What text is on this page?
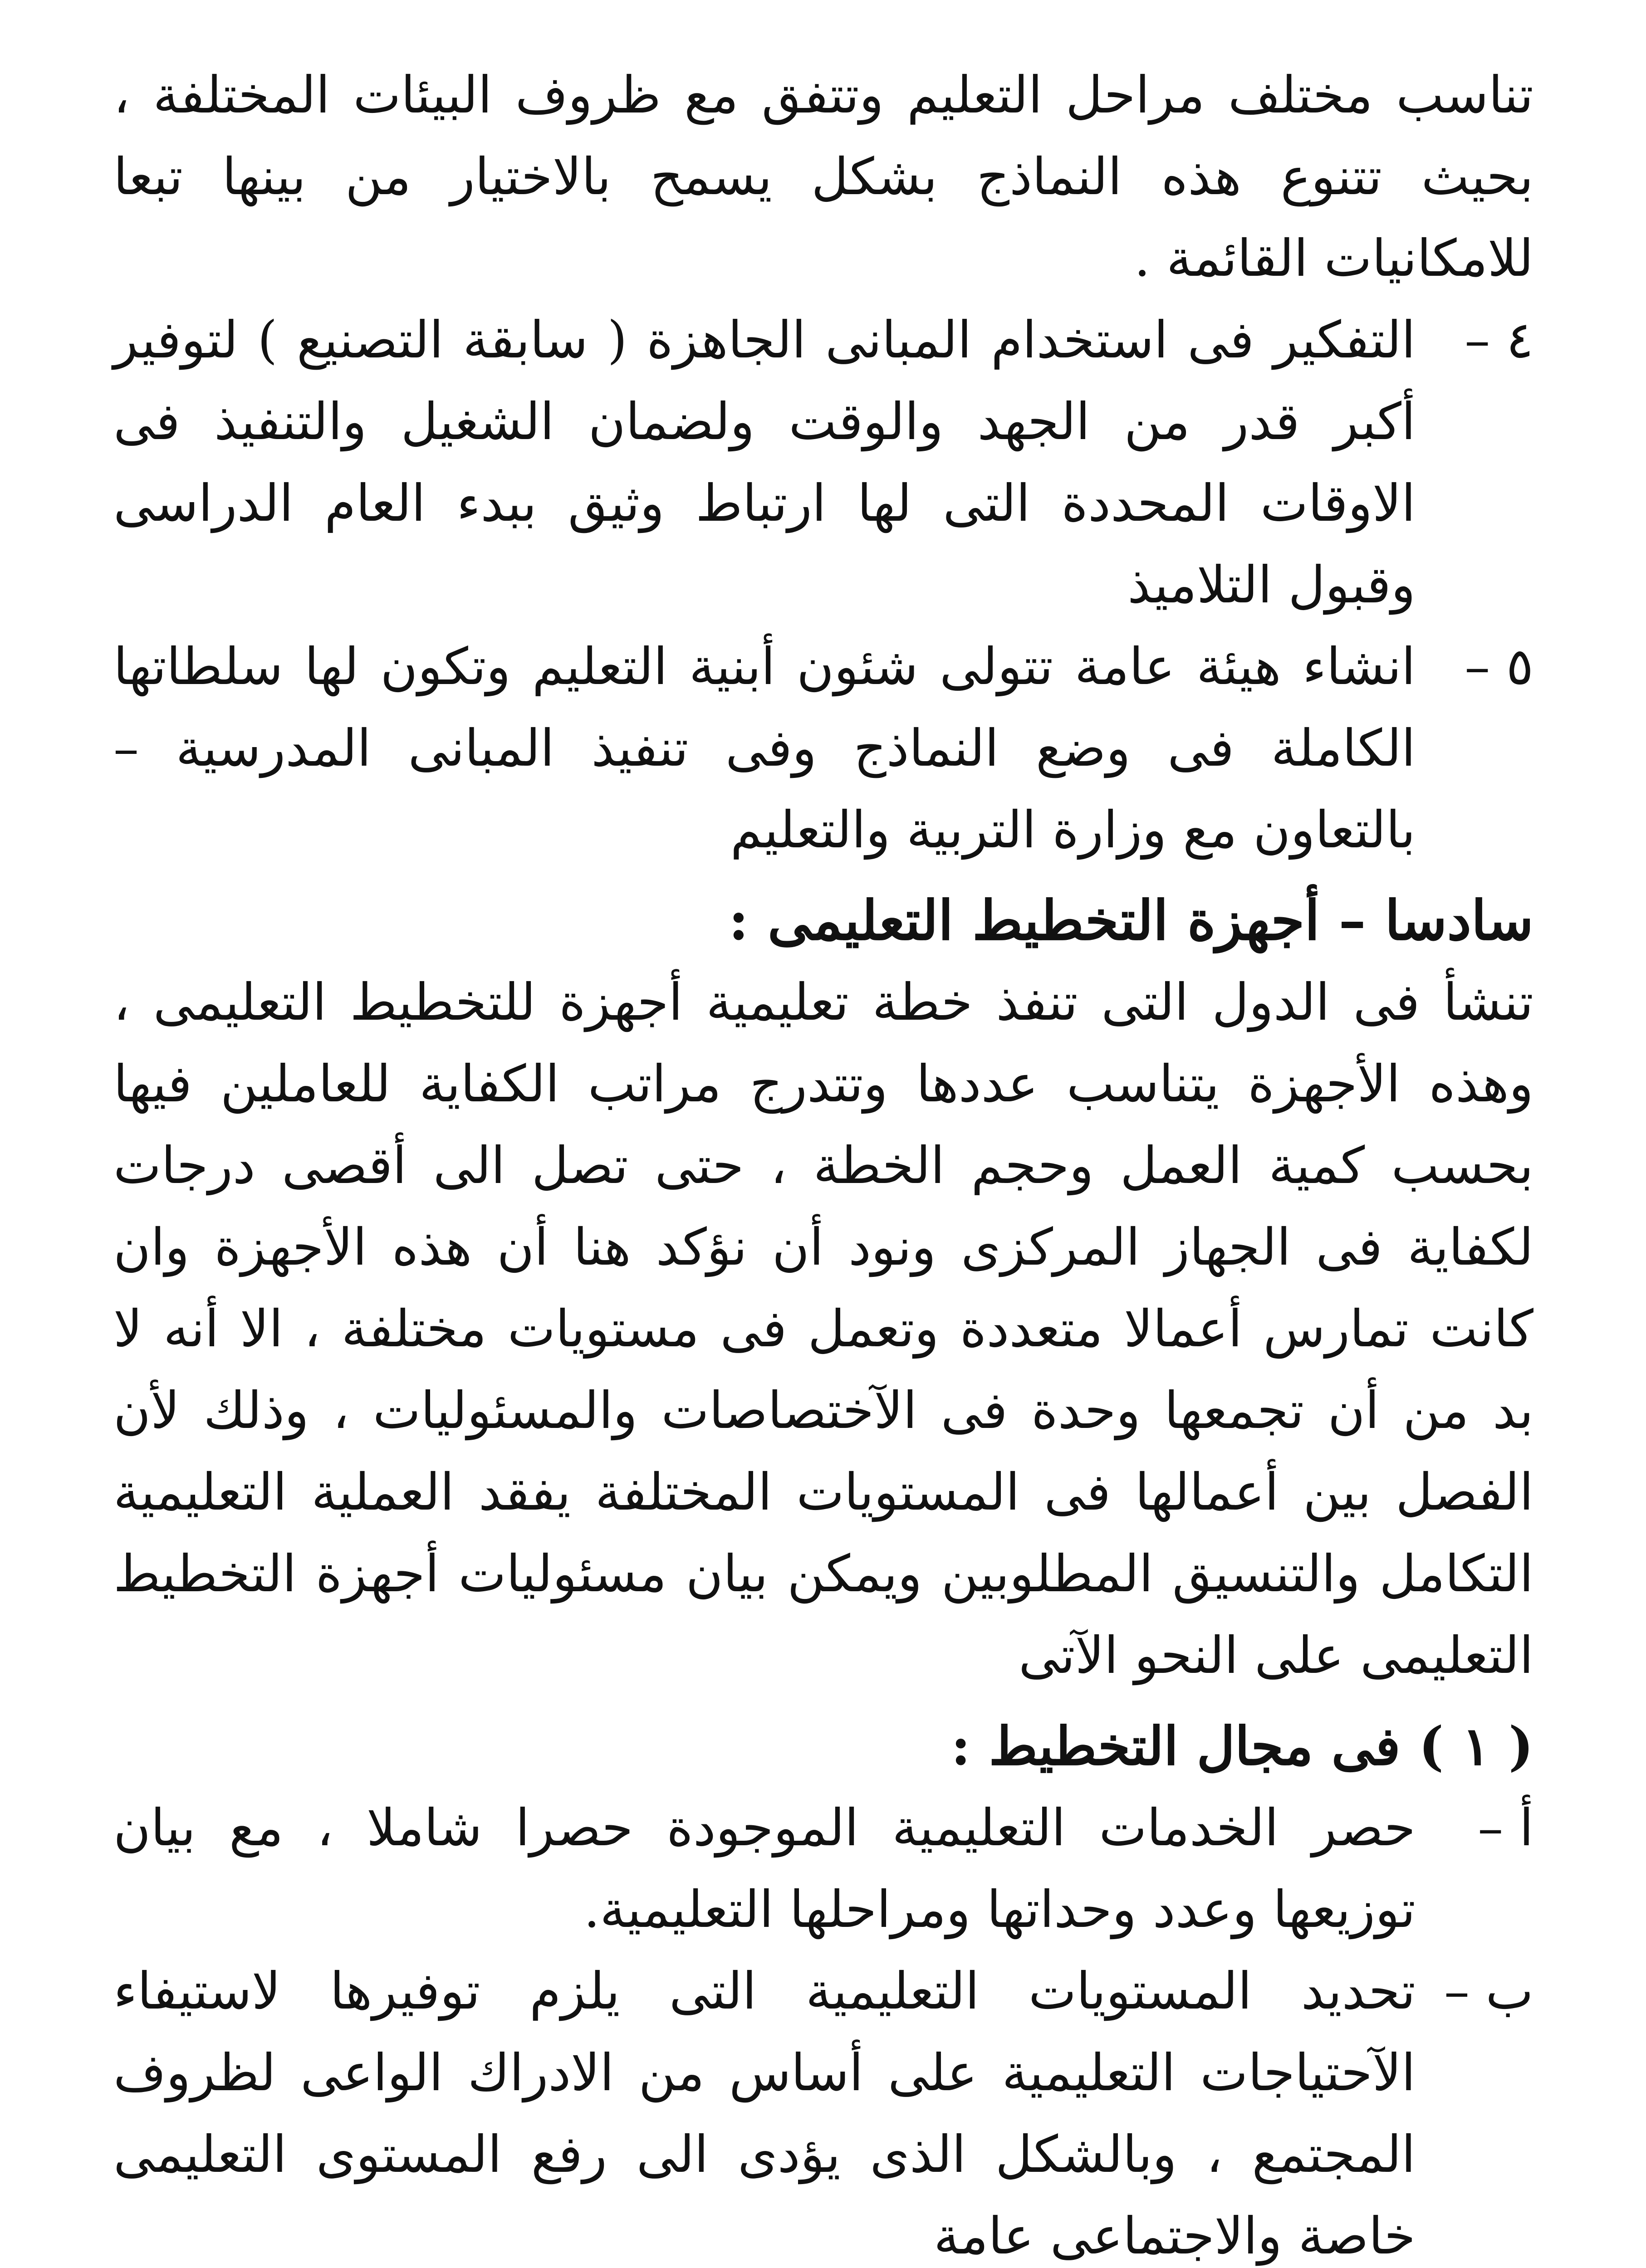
تناسب مختلف مراحل التعليم وتتفق مع ظروف البيئات المختلفة ، بحيث تتنوع هذه النماذج بشكل يسمح بالاختيار من بينها تبعا للامكانيات القائمة .

٤ –
التفكير فى استخدام المبانى الجاهزة ( سابقة التصنيع ) لتوفير أكبر قدر من الجهد والوقت ولضمان الشغيل والتنفيذ فى الاوقات المحددة التى لها ارتباط وثيق ببدء العام الدراسى وقبول التلاميذ
٥ –
انشاء هيئة عامة تتولى شئون أبنية التعليم وتكون لها سلطاتها الكاملة فى وضع النماذج وفى تنفيذ المبانى المدرسية – بالتعاون مع وزارة التربية والتعليم
سادسا – أجهزة التخطيط التعليمى :

تنشأ فى الدول التى تنفذ خطة تعليمية أجهزة للتخطيط التعليمى ، وهذه الأجهزة يتناسب عددها وتتدرج مراتب الكفاية للعاملين فيها بحسب كمية العمل وحجم الخطة ، حتى تصل الى أقصى درجات لكفاية فى الجهاز المركزى ونود أن نؤكد هنا أن هذه الأجهزة وان كانت تمارس أعمالا متعددة وتعمل فى مستويات مختلفة ، الا أنه لا بد من أن تجمعها وحدة فى الآختصاصات والمسئوليات ، وذلك لأن الفصل بين أعمالها فى المستويات المختلفة يفقد العملية التعليمية التكامل والتنسيق المطلوبين ويمكن بيان مسئوليات أجهزة التخطيط التعليمى على النحو الآتى

( ١ ) فى مجال التخطيط :
أ –
حصر الخدمات التعليمية الموجودة حصرا شاملا ، مع بيان توزيعها وعدد وحداتها ومراحلها التعليمية.
ب –
تحديد المستويات التعليمية التى يلزم توفيرها لاستيفاء الآحتياجات التعليمية على أساس من الادراك الواعى لظروف المجتمع ، وبالشكل الذى يؤدى الى رفع المستوى التعليمى خاصة والاجتماعى عامة
